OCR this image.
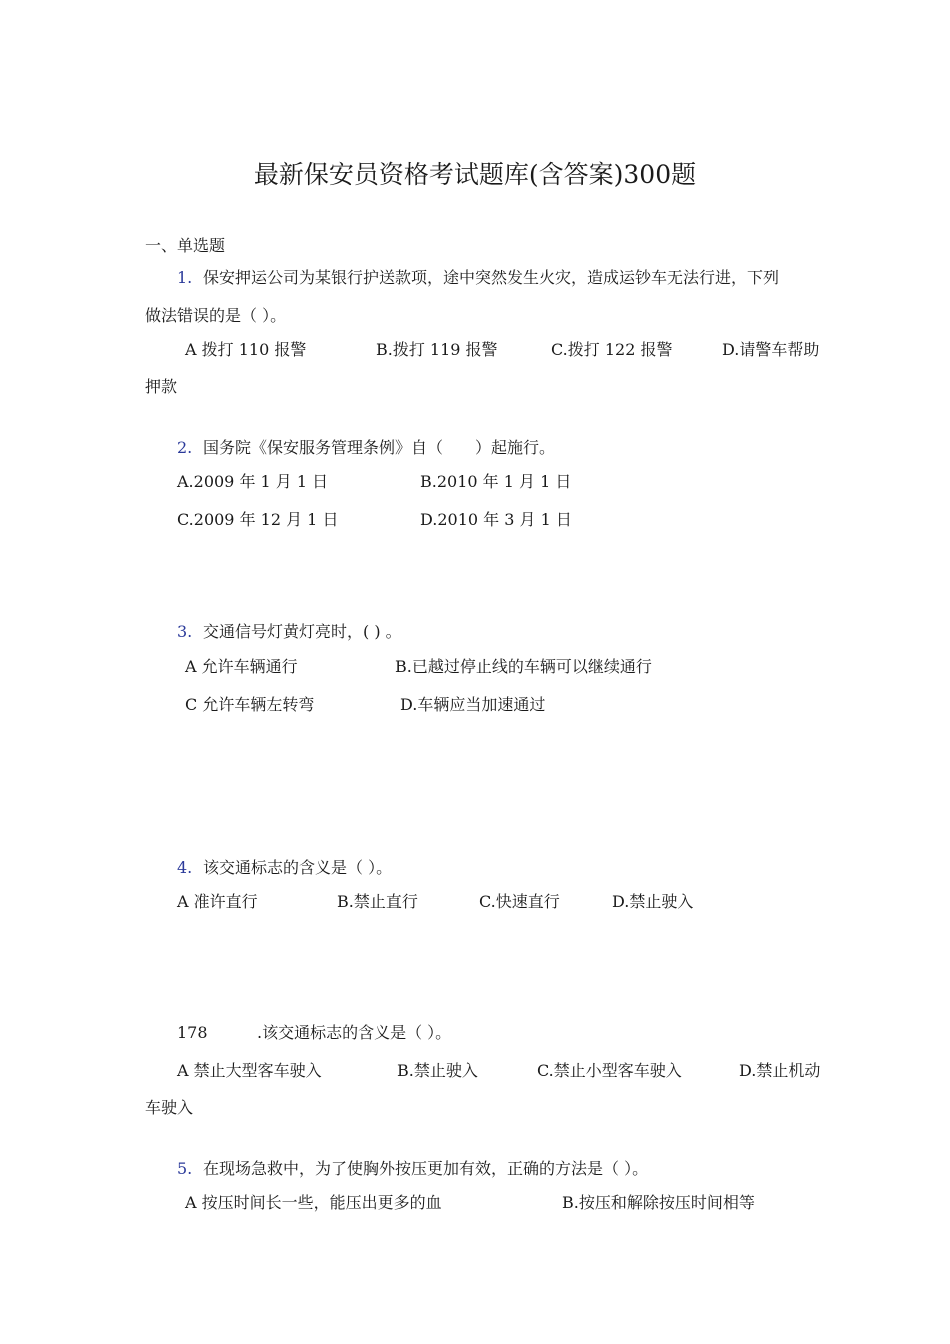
最新保安员资格考试题库(含答案)300题
一、单选题
1. 保安押运公司为某银行护送款项，途中突然发生火灾，造成运钞车无法行进，下列
做法错误的是（ ）。
A 拨打 110 报警	B.拨打 119 报警	C.拨打 122 报警	D.请警车帮助
押款
2. 国务院《保安服务管理条例》自（　　）起施行。
A.2009 年 1 月 1 日	B.2010 年 1 月 1 日
C.2009 年 12 月 1 日	D.2010 年 3 月 1 日
3. 交通信号灯黄灯亮时，( ) 。
A 允许车辆通行	B.已越过停止线的车辆可以继续通行
C 允许车辆左转弯	D.车辆应当加速通过
4. 该交通标志的含义是（ ）。
A 准许直行	B.禁止直行	C.快速直行	D.禁止驶入
178	.该交通标志的含义是（ ）。
A 禁止大型客车驶入	B.禁止驶入	C.禁止小型客车驶入	D.禁止机动
车驶入
5. 在现场急救中，为了使胸外按压更加有效，正确的方法是（ ）。
A 按压时间长一些，能压出更多的血	B.按压和解除按压时间相等
